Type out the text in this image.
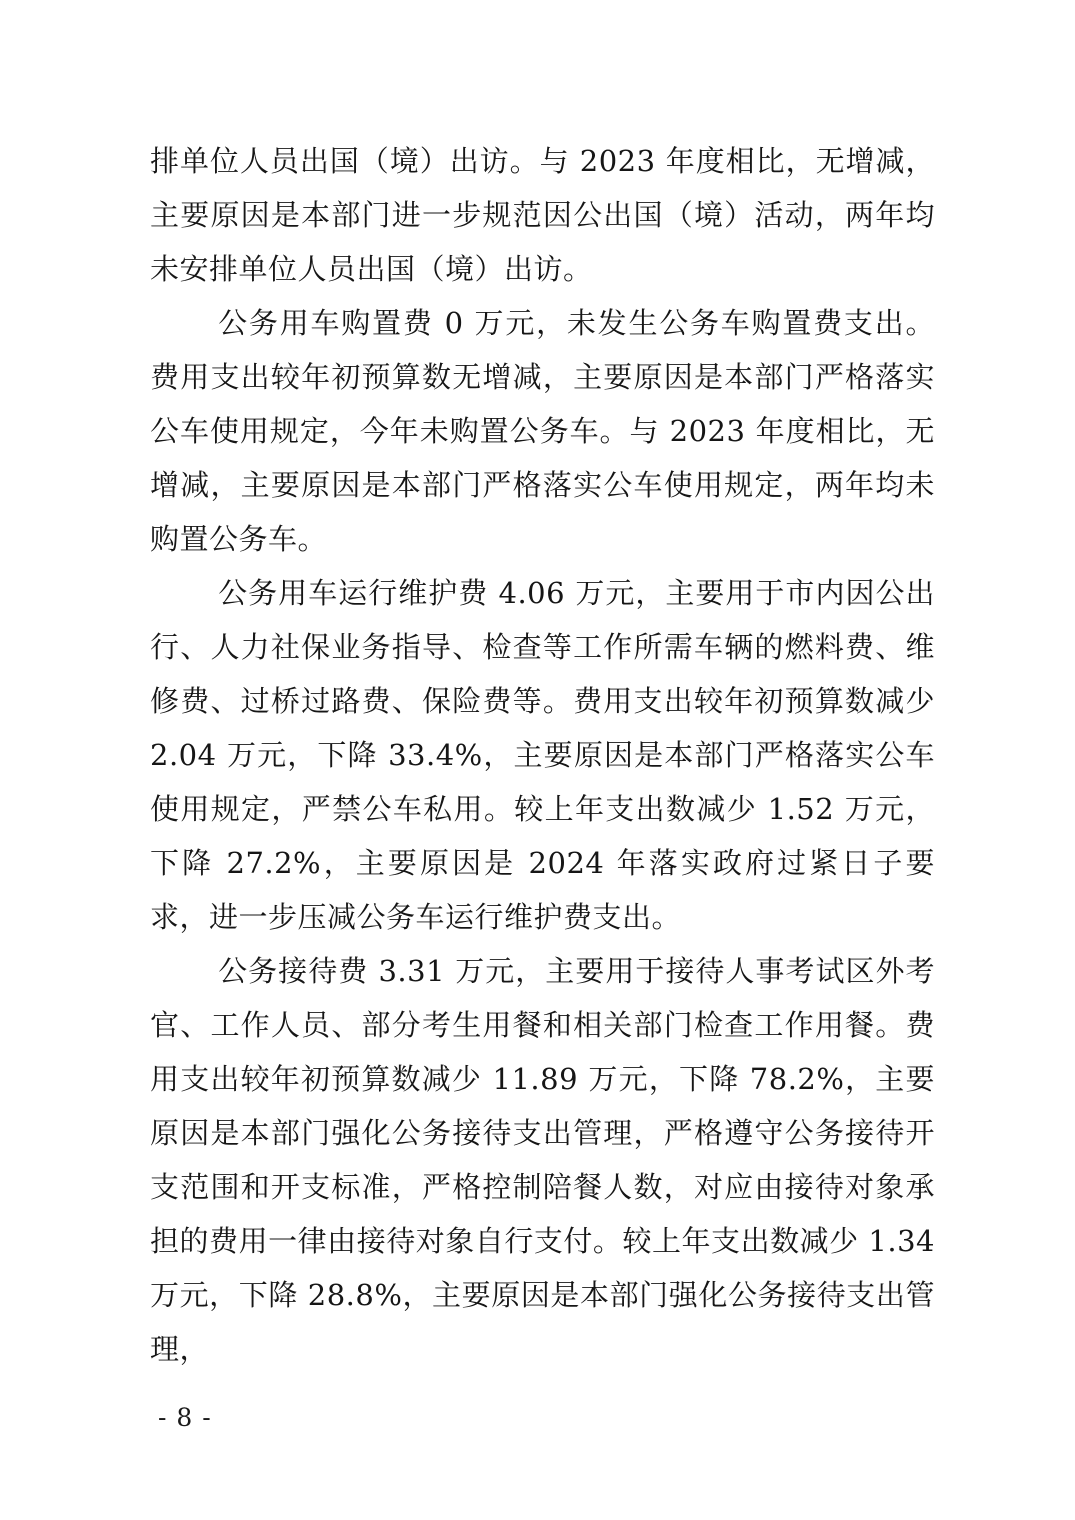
排单位人员出国（境）出访。与 2023 年度相比，无增减，主要原因是本部门进一步规范因公出国（境）活动，两年均未安排单位人员出国（境）出访。

公务用车购置费 0 万元，未发生公务车购置费支出。费用支出较年初预算数无增减，主要原因是本部门严格落实公车使用规定，今年未购置公务车。与 2023 年度相比，无增减，主要原因是本部门严格落实公车使用规定，两年均未购置公务车。

公务用车运行维护费 4.06 万元，主要用于市内因公出行、人力社保业务指导、检查等工作所需车辆的燃料费、维修费、过桥过路费、保险费等。费用支出较年初预算数减少 2.04 万元，下降 33.4%，主要原因是本部门严格落实公车使用规定，严禁公车私用。较上年支出数减少 1.52 万元，下降 27.2%，主要原因是 2024 年落实政府过紧日子要求，进一步压减公务车运行维护费支出。

公务接待费 3.31 万元，主要用于接待人事考试区外考官、工作人员、部分考生用餐和相关部门检查工作用餐。费用支出较年初预算数减少 11.89 万元，下降 78.2%，主要原因是本部门强化公务接待支出管理，严格遵守公务接待开支范围和开支标准，严格控制陪餐人数，对应由接待对象承担的费用一律由接待对象自行支付。较上年支出数减少 1.34 万元，下降 28.8%，主要原因是本部门强化公务接待支出管理，

- 8 -
